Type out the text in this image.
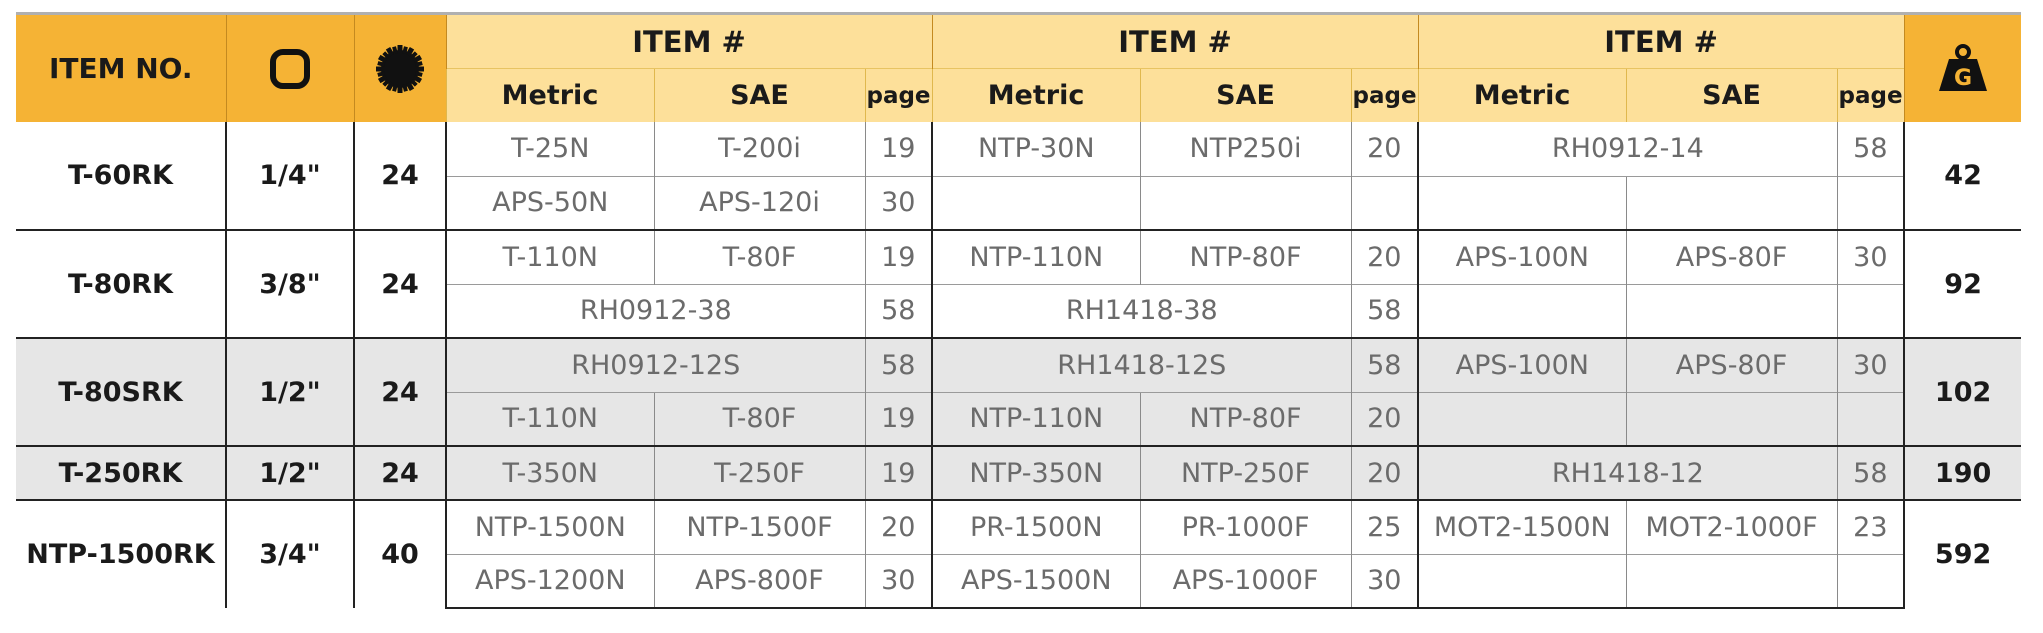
ITEM NO.			ITEM #			ITEM #			ITEM #			G

			Metric	SAE	page	Metric	SAE	page	Metric	SAE	page	
T-60RK	1/4"	24	T-25N	T-200i	19	NTP-30N	NTP250i	20	RH0912-14		58	42
			APS-50N	APS-120i	30							
T-80RK	3/8"	24	T-110N	T-80F	19	NTP-110N	NTP-80F	20	APS-100N	APS-80F	30	92
			RH0912-38		58	RH1418-38		58				
T-80SRK	1/2"	24	RH0912-12S		58	RH1418-12S		58	APS-100N	APS-80F	30	102
			T-110N	T-80F	19	NTP-110N	NTP-80F	20				
T-250RK	1/2"	24	T-350N	T-250F	19	NTP-350N	NTP-250F	20	RH1418-12		58	190
NTP-1500RK	3/4"	40	NTP-1500N	NTP-1500F	20	PR-1500N	PR-1000F	25	MOT2-1500N	MOT2-1000F	23	592
			APS-1200N	APS-800F	30	APS-1500N	APS-1000F	30				
